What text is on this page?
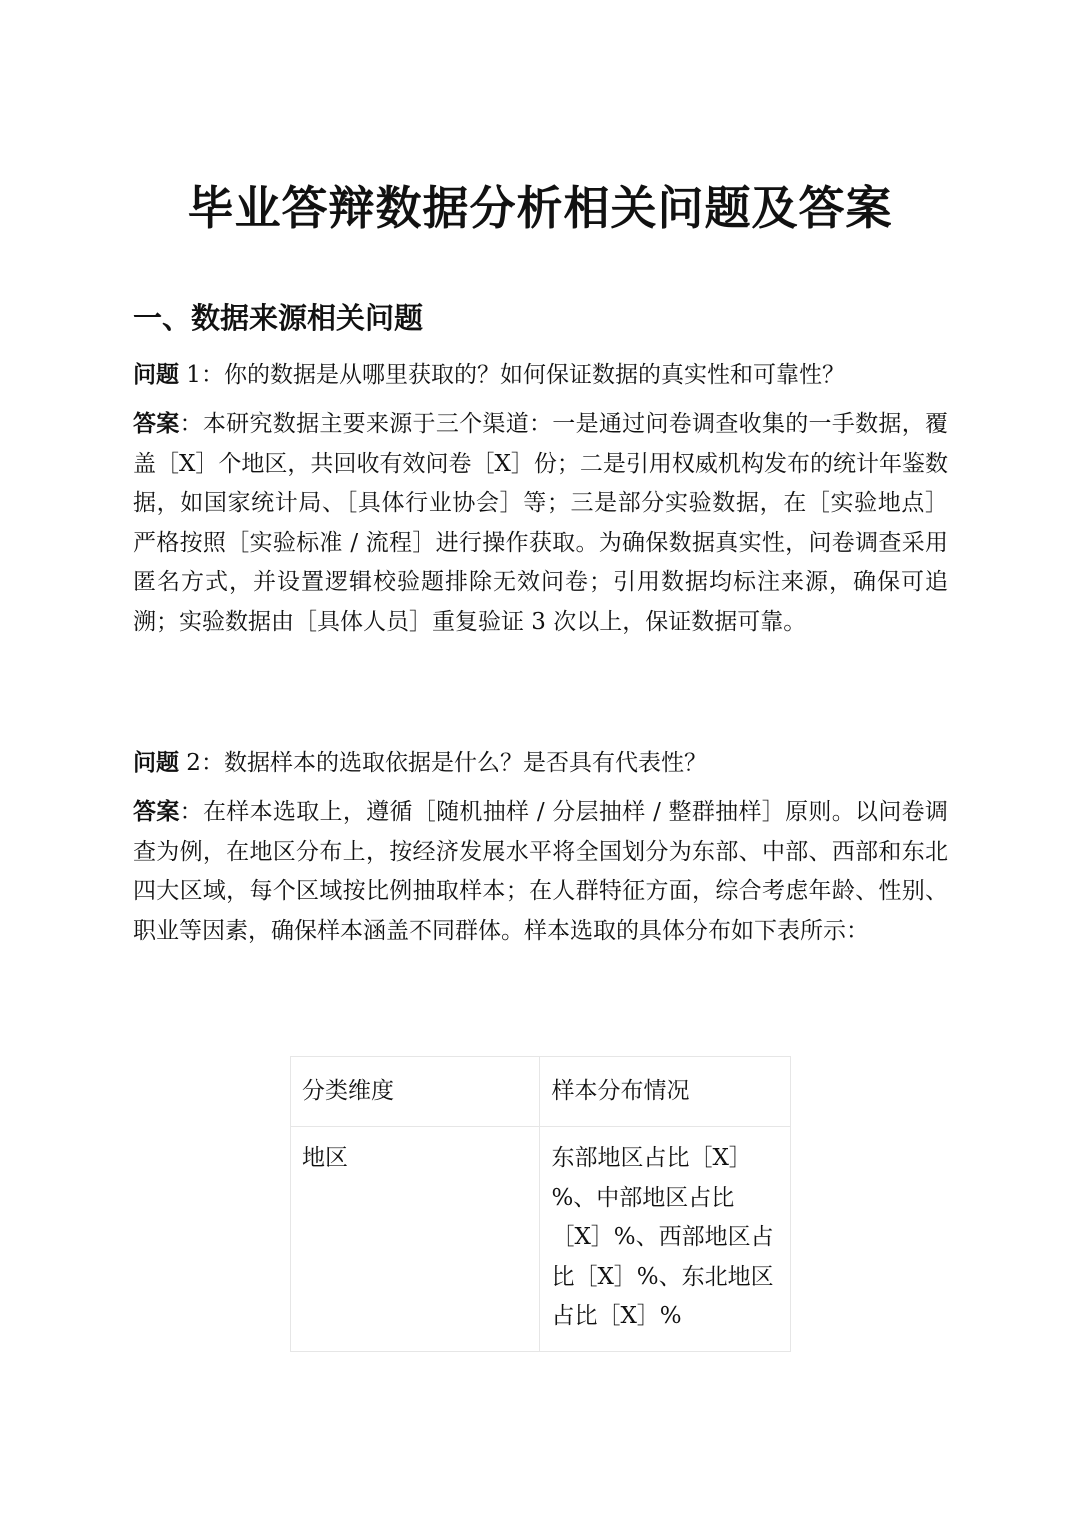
毕业答辩数据分析相关问题及答案
一、数据来源相关问题

问题 1：你的数据是从哪里获取的？如何保证数据的真实性和可靠性？

答案：本研究数据主要来源于三个渠道：一是通过问卷调查收集的一手数据，覆盖［X］个地区，共回收有效问卷［X］份；二是引用权威机构发布的统计年鉴数据，如国家统计局、［具体行业协会］等；三是部分实验数据，在［实验地点］严格按照［实验标准 / 流程］进行操作获取。为确保数据真实性，问卷调查采用匿名方式，并设置逻辑校验题排除无效问卷；引用数据均标注来源，确保可追溯；实验数据由［具体人员］重复验证 3 次以上，保证数据可靠。

问题 2：数据样本的选取依据是什么？是否具有代表性？

答案：在样本选取上，遵循［随机抽样 / 分层抽样 / 整群抽样］原则。以问卷调查为例，在地区分布上，按经济发展水平将全国划分为东部、中部、西部和东北四大区域，每个区域按比例抽取样本；在人群特征方面，综合考虑年龄、性别、职业等因素，确保样本涵盖不同群体。样本选取的具体分布如下表所示：

分类维度	样本分布情况
地区	东部地区占比［X］%、中部地区占比［X］%、西部地区占比［X］%、东北地区占比［X］%
